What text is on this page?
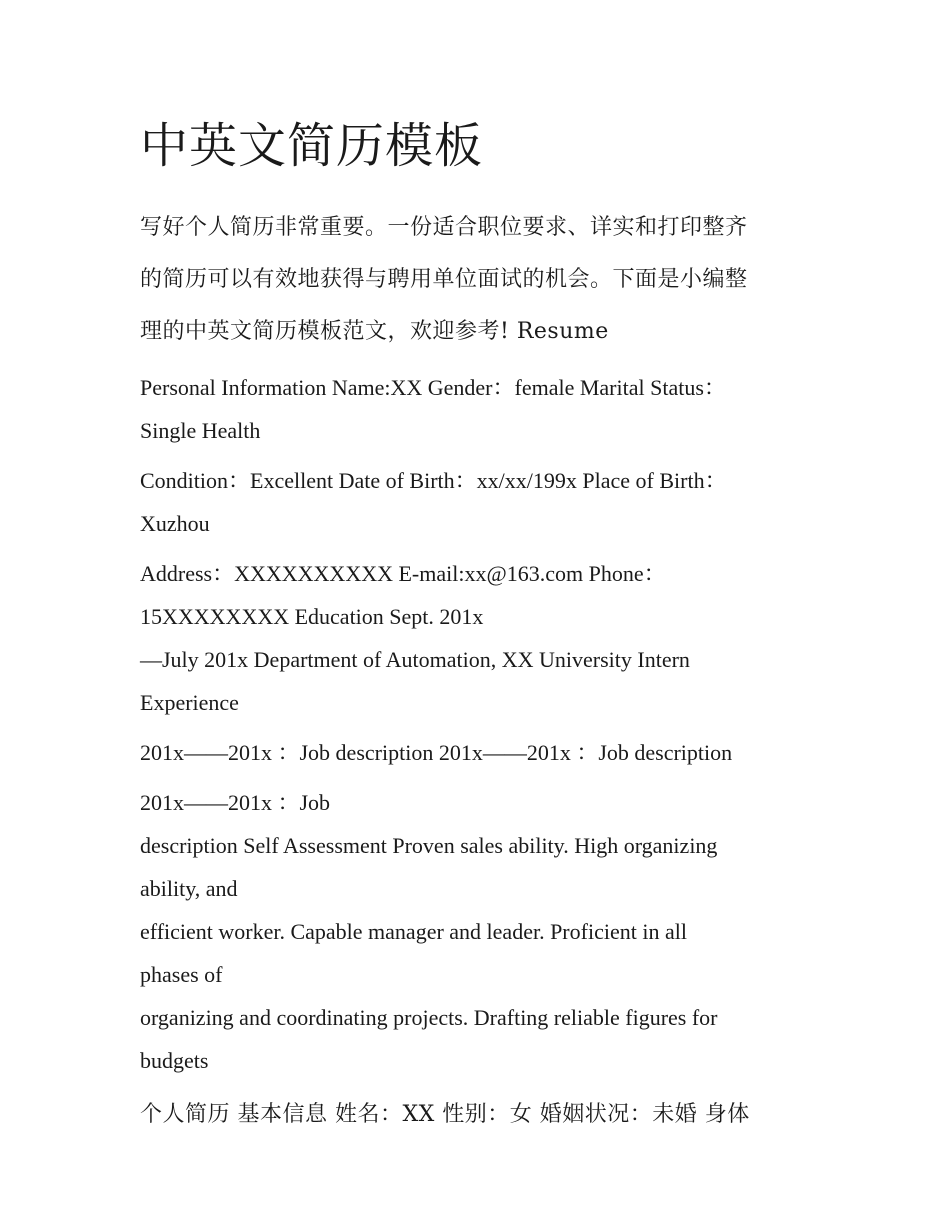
中英文简历模板

写好个人简历非常重要。一份适合职位要求、详实和打印整齐

的简历可以有效地获得与聘用单位面试的机会。下面是小编整

理的中英文简历模板范文，欢迎参考! Resume

Personal Information Name:XX Gender：female Marital Status：

Single Health

Condition：Excellent Date of Birth：xx/xx/199x Place of Birth：

Xuzhou

Address：XXXXXXXXXX E-mail:xx@163.com Phone：

15XXXXXXXX Education Sept. 201x

—July 201x Department of Automation, XX University Intern

Experience

201x——201x ：Job description 201x——201x ：Job description

201x——201x ：Job

description Self Assessment Proven sales ability. High organizing

ability, and

efficient worker. Capable manager and leader. Proficient in all

phases of

organizing and coordinating projects. Drafting reliable figures for

budgets

个人简历 基本信息 姓名：XX 性别：女 婚姻状况：未婚 身体
